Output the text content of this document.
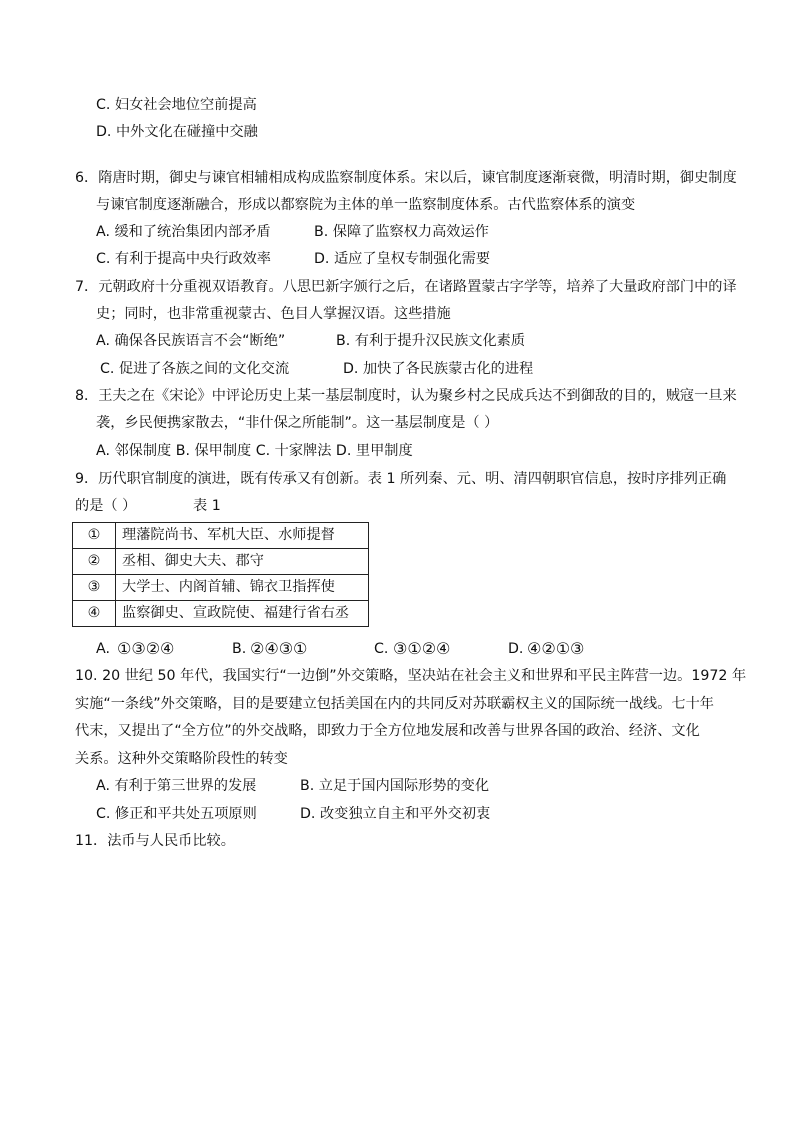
C. 妇女社会地位空前提高
D. 中外文化在碰撞中交融
6．隋唐时期，御史与谏官相辅相成构成监察制度体系。宋以后，谏官制度逐渐衰微，明清时期，御史制度
与谏官制度逐渐融合，形成以都察院为主体的单一监察制度体系。古代监察体系的演变
A. 缓和了统治集团内部矛盾	B. 保障了监察权力高效运作
C. 有利于提高中央行政效率	D. 适应了皇权专制强化需要
7．元朝政府十分重视双语教育。八思巴新字颁行之后，在诸路置蒙古字学等，培养了大量政府部门中的译
史；同时，也非常重视蒙古、色目人掌握汉语。这些措施
A. 确保各民族语言不会“断绝”	B. 有利于提升汉民族文化素质
C. 促进了各族之间的文化交流	D. 加快了各民族蒙古化的进程
8．王夫之在《宋论》中评论历史上某一基层制度时，认为聚乡村之民成兵达不到御敌的目的，贼寇一旦来
袭，乡民便携家散去，“非什保之所能制”。这一基层制度是（ ）
A. 邻保制度 B. 保甲制度 C. 十家牌法 D. 里甲制度
9．历代职官制度的演进，既有传承又有创新。表 1 所列秦、元、明、清四朝职官信息，按时序排列正确
的是（ ）	表 1
①	理藩院尚书、军机大臣、水师提督
②	丞相、御史大夫、郡守
③	大学士、内阁首辅、锦衣卫指挥使
④	监察御史、宣政院使、福建行省右丞
A. ①③②④	B. ②④③①	C. ③①②④	D. ④②①③
10. 20 世纪 50 年代，我国实行“一边倒”外交策略，坚决站在社会主义和世界和平民主阵营一边。1972 年
实施“一条线”外交策略，目的是要建立包括美国在内的共同反对苏联霸权主义的国际统一战线。七十年
代末，又提出了“全方位”的外交战略，即致力于全方位地发展和改善与世界各国的政治、经济、文化
关系。这种外交策略阶段性的转变
A. 有利于第三世界的发展	B. 立足于国内国际形势的变化
C. 修正和平共处五项原则	D. 改变独立自主和平外交初衷
11．法币与人民币比较。
